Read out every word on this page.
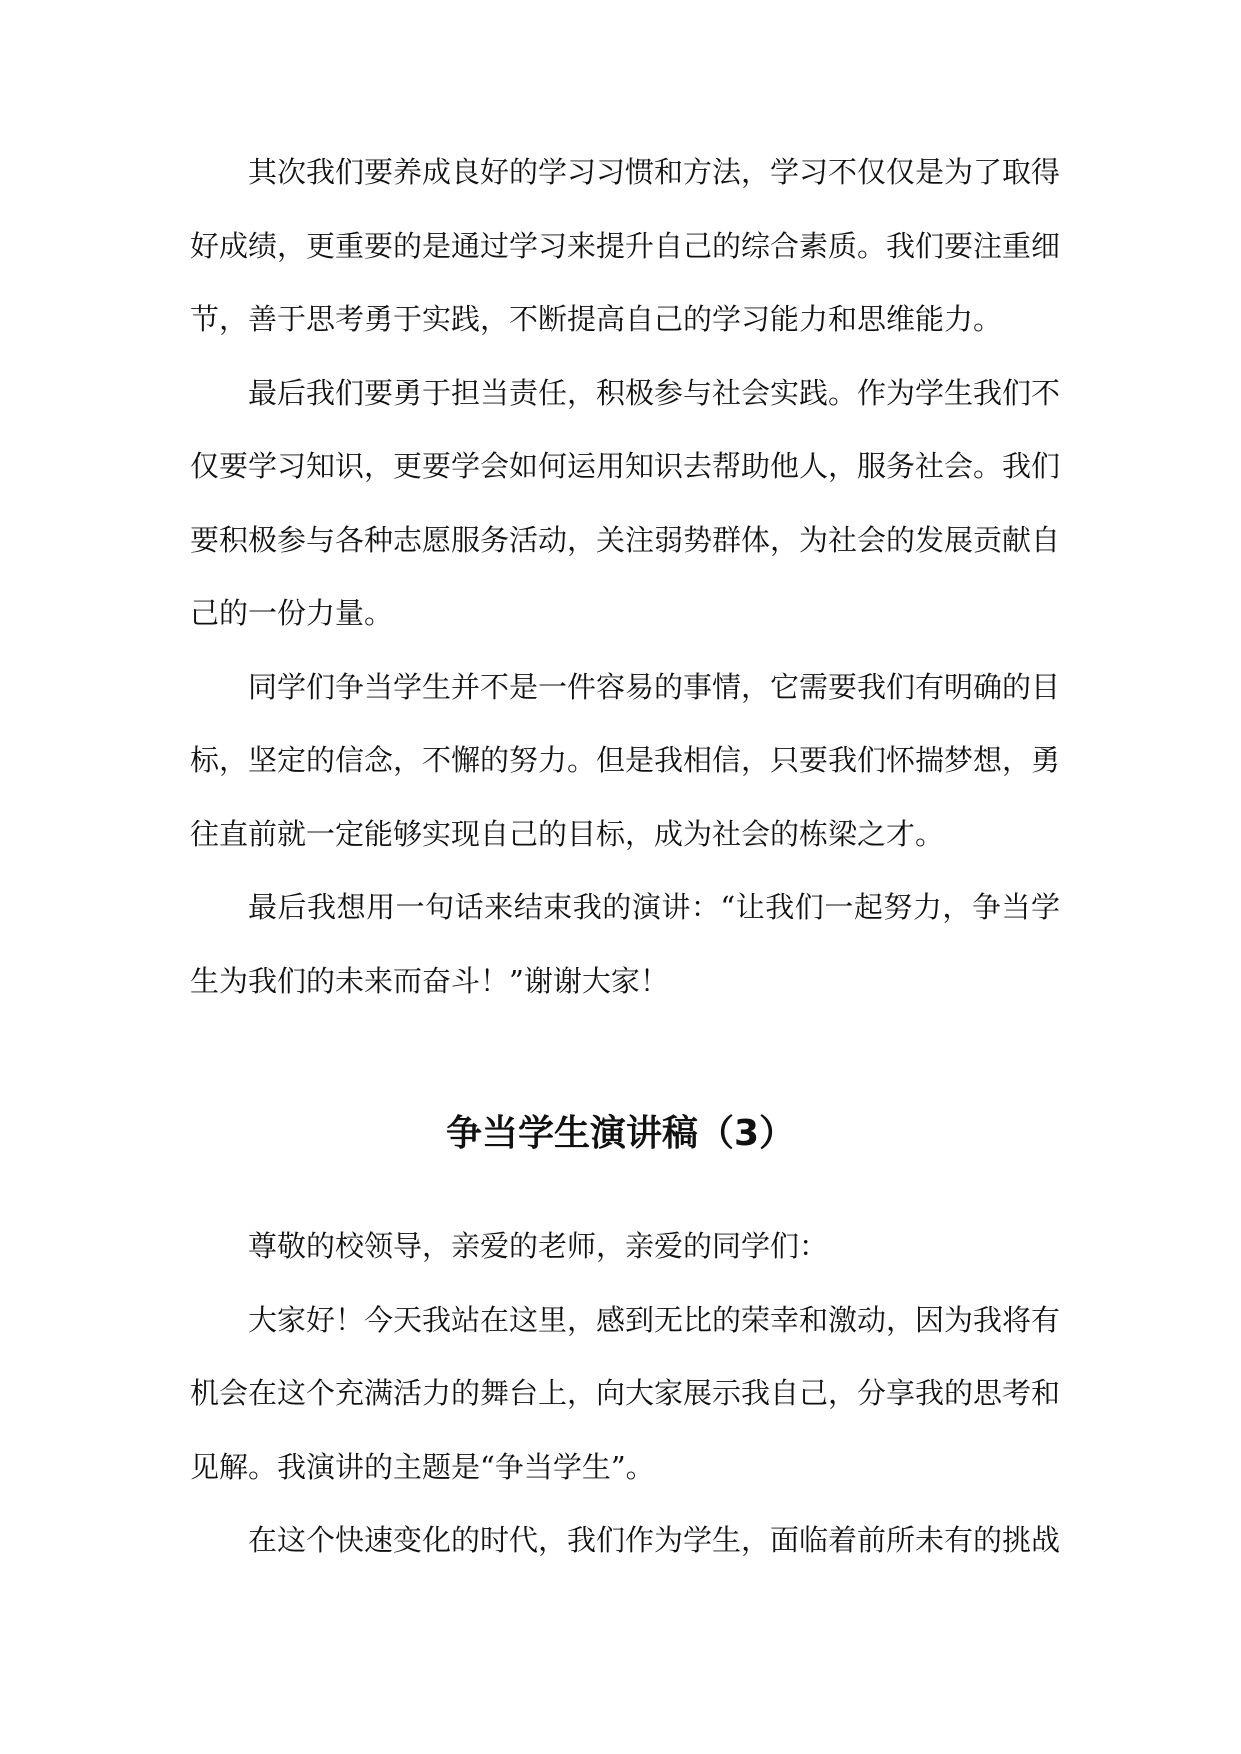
其次我们要养成良好的学习习惯和方法，学习不仅仅是为了取得好成绩，更重要的是通过学习来提升自己的综合素质。我们要注重细节，善于思考勇于实践，不断提高自己的学习能力和思维能力。

最后我们要勇于担当责任，积极参与社会实践。作为学生我们不仅要学习知识，更要学会如何运用知识去帮助他人，服务社会。我们要积极参与各种志愿服务活动，关注弱势群体，为社会的发展贡献自己的一份力量。

同学们争当学生并不是一件容易的事情，它需要我们有明确的目标，坚定的信念，不懈的努力。但是我相信，只要我们怀揣梦想，勇往直前就一定能够实现自己的目标，成为社会的栋梁之才。

最后我想用一句话来结束我的演讲：“让我们一起努力，争当学生为我们的未来而奋斗！”谢谢大家！

争当学生演讲稿（3）

尊敬的校领导，亲爱的老师，亲爱的同学们：

大家好！今天我站在这里，感到无比的荣幸和激动，因为我将有机会在这个充满活力的舞台上，向大家展示我自己，分享我的思考和见解。我演讲的主题是“争当学生”。

在这个快速变化的时代，我们作为学生，面临着前所未有的挑战
